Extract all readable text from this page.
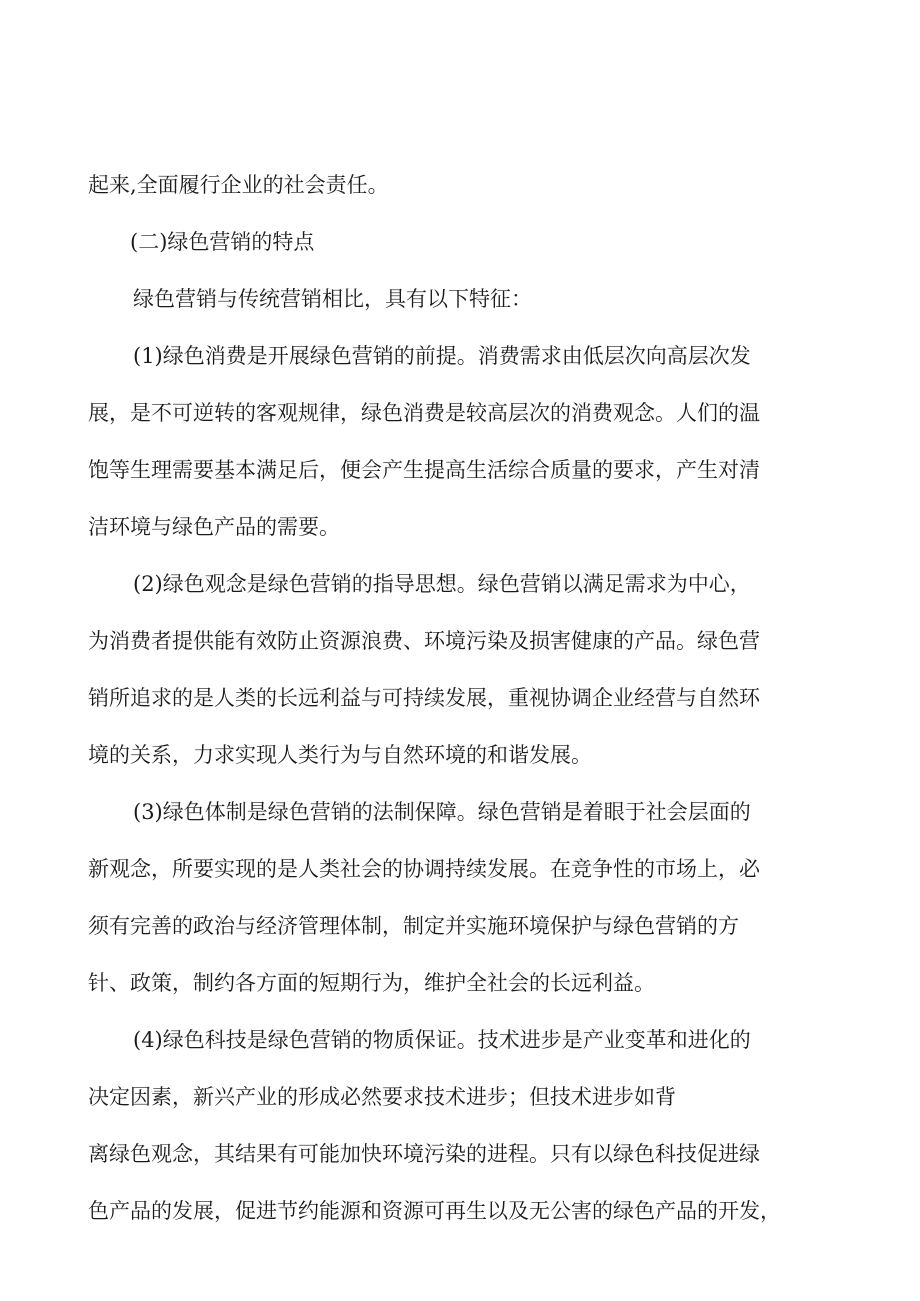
起来,全面履行企业的社会责任。
(二)绿色营销的特点
绿色营销与传统营销相比，具有以下特征：
(1)绿色消费是开展绿色营销的前提。消费需求由低层次向高层次发
展，是不可逆转的客观规律，绿色消费是较高层次的消费观念。人们的温
饱等生理需要基本满足后，便会产生提高生活综合质量的要求，产生对清
洁环境与绿色产品的需要。
(2)绿色观念是绿色营销的指导思想。绿色营销以满足需求为中心，
为消费者提供能有效防止资源浪费、环境污染及损害健康的产品。绿色营
销所追求的是人类的长远利益与可持续发展，重视协调企业经营与自然环
境的关系，力求实现人类行为与自然环境的和谐发展。
(3)绿色体制是绿色营销的法制保障。绿色营销是着眼于社会层面的
新观念，所要实现的是人类社会的协调持续发展。在竞争性的市场上，必
须有完善的政治与经济管理体制，制定并实施环境保护与绿色营销的方
针、政策，制约各方面的短期行为，维护全社会的长远利益。
(4)绿色科技是绿色营销的物质保证。技术进步是产业变革和进化的
决定因素，新兴产业的形成必然要求技术进步；但技术进步如背
离绿色观念，其结果有可能加快环境污染的进程。只有以绿色科技促进绿
色产品的发展，促进节约能源和资源可再生以及无公害的绿色产品的开发，
